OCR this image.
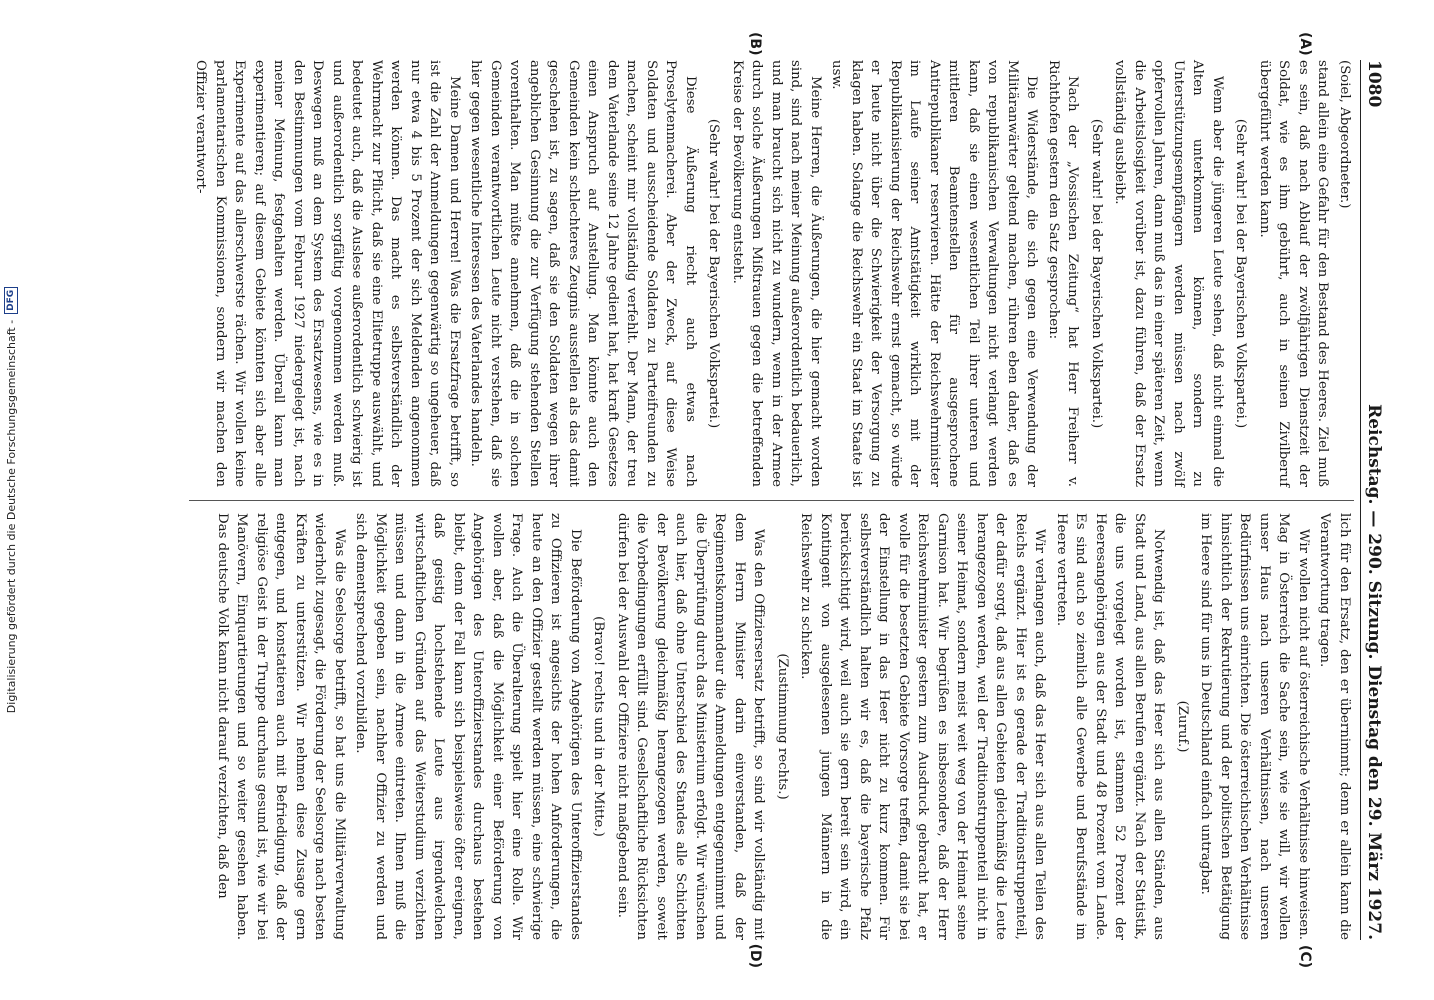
Digitalisierung gefördert durch die Deutsche Forschungsgemeinschaft -
DFG
1080
Reichstag. — 290. Sitzung. Dienstag den 29. März 1927.
(A)
(B)

(Soiel, Abgeordneter.)

stand allein eine Gefahr für den Bestand des Heeres. Ziel muß es sein, daß nach Ablauf der zwölfjährigen Dienstzeit der Soldat, wie es ihm gebührt, auch in seinen Zivilberuf übergeführt werden kann.

(Sehr wahr! bei der Bayerischen Volkspartei.)

Wenn aber die jüngeren Leute sehen, daß nicht einmal die Alten unterkommen können, sondern zu Unterstützungsempfängern werden müssen nach zwölf opfervollen Jahren, dann muß das in einer späteren Zeit, wenn die Arbeitslosigkeit vorüber ist, dazu führen, daß der Ersatz vollständig ausbleibt.

(Sehr wahr! bei der Bayerischen Volkspartei.)

Nach der „Vossischen Zeitung“ hat Herr Freiherr v. Richthofen gestern den Satz gesprochen:

Die Widerstände, die sich gegen eine Verwendung der Militäranwärter geltend machen, rühren eben daher, daß es von republikanischen Verwaltungen nicht verlangt werden kann, daß sie einen wesentlichen Teil ihrer unteren und mittleren Beamtenstellen für ausgesprochene Antirepublikaner reservieren. Hätte der Reichswehrminister im Laufe seiner Amtstätigkeit wirklich mit der Republikanisierung der Reichswehr ernst gemacht, so würde er heute nicht über die Schwierigkeit der Versorgung zu klagen haben. Solange die Reichswehr ein Staat im Staate ist usw.

Meine Herren, die Äußerungen, die hier gemacht worden sind, sind nach meiner Meinung außerordentlich bedauerlich, und man braucht sich nicht zu wundern, wenn in der Armee durch solche Äußerungen Mißtrauen gegen die betreffenden Kreise der Bevölkerung entsteht.

(Sehr wahr! bei der Bayerischen Volkspartei.)

Diese Äußerung riecht auch etwas nach Proselytenmacherei. Aber der Zweck, auf diese Weise Soldaten und ausscheidende Soldaten zu Parteifreunden zu machen, scheint mir vollständig verfehlt. Der Mann, der treu dem Vaterlande seine 12 Jahre gedient hat, hat kraft Gesetzes einen Anspruch auf Anstellung. Man könnte auch den Gemeinden kein schlechteres Zeugnis ausstellen als das damit geschehen ist, zu sagen, daß sie den Soldaten wegen ihrer angeblichen Gesinnung die zur Verfügung stehenden Stellen vorenthalten. Man müßte annehmen, daß die in solchen Gemeinden verantwortlichen Leute nicht verstehen, daß sie hier gegen wesentliche Interessen des Vaterlandes handeln.

Meine Damen und Herren! Was die Ersatzfrage betrifft, so ist die Zahl der Anmeldungen gegenwärtig so ungeheuer, daß nur etwa 4 bis 5 Prozent der sich Meldenden angenommen werden können. Das macht es selbstverständlich der Wehrmacht zur Pflicht, daß sie eine Elitetruppe auswählt, und bedeutet auch, daß die Auslese außerordentlich schwierig ist und außerordentlich sorgfältig vorgenommen werden muß. Deswegen muß an dem System des Ersatzwesens, wie es in den Bestimmungen vom Februar 1927 niedergelegt ist, nach meiner Meinung, festgehalten werden. Überall kann man experimentieren; auf diesem Gebiete könnten sich aber alle Experimente auf das allerschwerste rächen. Wir wollen keine parlamentarischen Kommissionen, sondern wir machen den Offizier verantwort-

(C)
(D)

lich für den Ersatz, den er übernimmt; denn er allein kann die Verantwortung tragen.

Wir wollen nicht auf österreichische Verhältnisse hinweisen. Mag in Österreich die Sache sein, wie sie will, wir wollen unser Haus nach unseren Verhältnissen, nach unseren Bedürfnissen uns einrichten. Die österreichischen Verhältnisse hinsichtlich der Rekrutierung und der politischen Betätigung im Heere sind für uns in Deutschland einfach untragbar.

(Zuruf.)

Notwendig ist, daß das Heer sich aus allen Ständen, aus Stadt und Land, aus allen Berufen ergänzt. Nach der Statistik, die uns vorgelegt worden ist, stammen 52 Prozent der Heeresangehörigen aus der Stadt und 48 Prozent vom Lande. Es sind auch so ziemlich alle Gewerbe und Berufsstände im Heere vertreten.

Wir verlangen auch, daß das Heer sich aus allen Teilen des Reichs ergänzt. Hier ist es gerade der Traditionstruppenteil, der dafür sorgt, daß aus allen Gebieten gleichmäßig die Leute herangezogen werden, weil der Traditionstruppenteil nicht in seiner Heimat, sondern meist weit weg von der Heimat seine Garnison hat. Wir begrüßen es insbesondere, daß der Herr Reichswehrminister gestern zum Ausdruck gebracht hat, er wolle für die besetzten Gebiete Vorsorge treffen, damit sie bei der Einstellung in das Heer nicht zu kurz kommen. Für selbstverständlich halten wir es, daß die bayerische Pfalz berücksichtigt wird, weil auch sie gern bereit sein wird, ein Kontingent von ausgelesenen jungen Männern in die Reichswehr zu schicken.

(Zustimmung rechts.)

Was den Offiziersersatz betrifft, so sind wir vollständig mit dem Herrn Minister darin einverstanden, daß der Regimentskommandeur die Anmeldungen entgegennimmt und die Überprüfung durch das Ministerium erfolgt. Wir wünschen auch hier, daß ohne Unterschied des Standes alle Schichten der Bevölkerung gleichmäßig herangezogen werden, soweit die Vorbedingungen erfüllt sind. Gesellschaftliche Rücksichten dürfen bei der Auswahl der Offiziere nicht maßgebend sein.

(Bravo! rechts und in der Mitte.)

Die Beförderung von Angehörigen des Unteroffizierstandes zu Offizieren ist angesichts der hohen Anforderungen, die heute an den Offizier gestellt werden müssen, eine schwierige Frage. Auch die Überalterung spielt hier eine Rolle. Wir wollen aber, daß die Möglichkeit einer Beförderung von Angehörigen des Unteroffizierstandes durchaus bestehen bleibt, denn der Fall kann sich beispielsweise öfter ereignen, daß geistig hochstehende Leute aus irgendwelchen wirtschaftlichen Gründen auf das Weiterstudium verzichten müssen und dann in die Armee eintreten. Ihnen muß die Möglichkeit gegeben sein, nachher Offizier zu werden und sich dementsprechend vorzubilden.

Was die Seelsorge betrifft, so hat uns die Militärverwaltung wiederholt zugesagt, die Förderung der Seelsorge nach besten Kräften zu unterstützen. Wir nehmen diese Zusage gern entgegen, und konstatieren auch mit Befriedigung, daß der religiöse Geist in der Truppe durchaus gesund ist, wie wir bei Manövern, Einquartierungen und so weiter gesehen haben. Das deutsche Volk kann nicht darauf verzichten, daß den
